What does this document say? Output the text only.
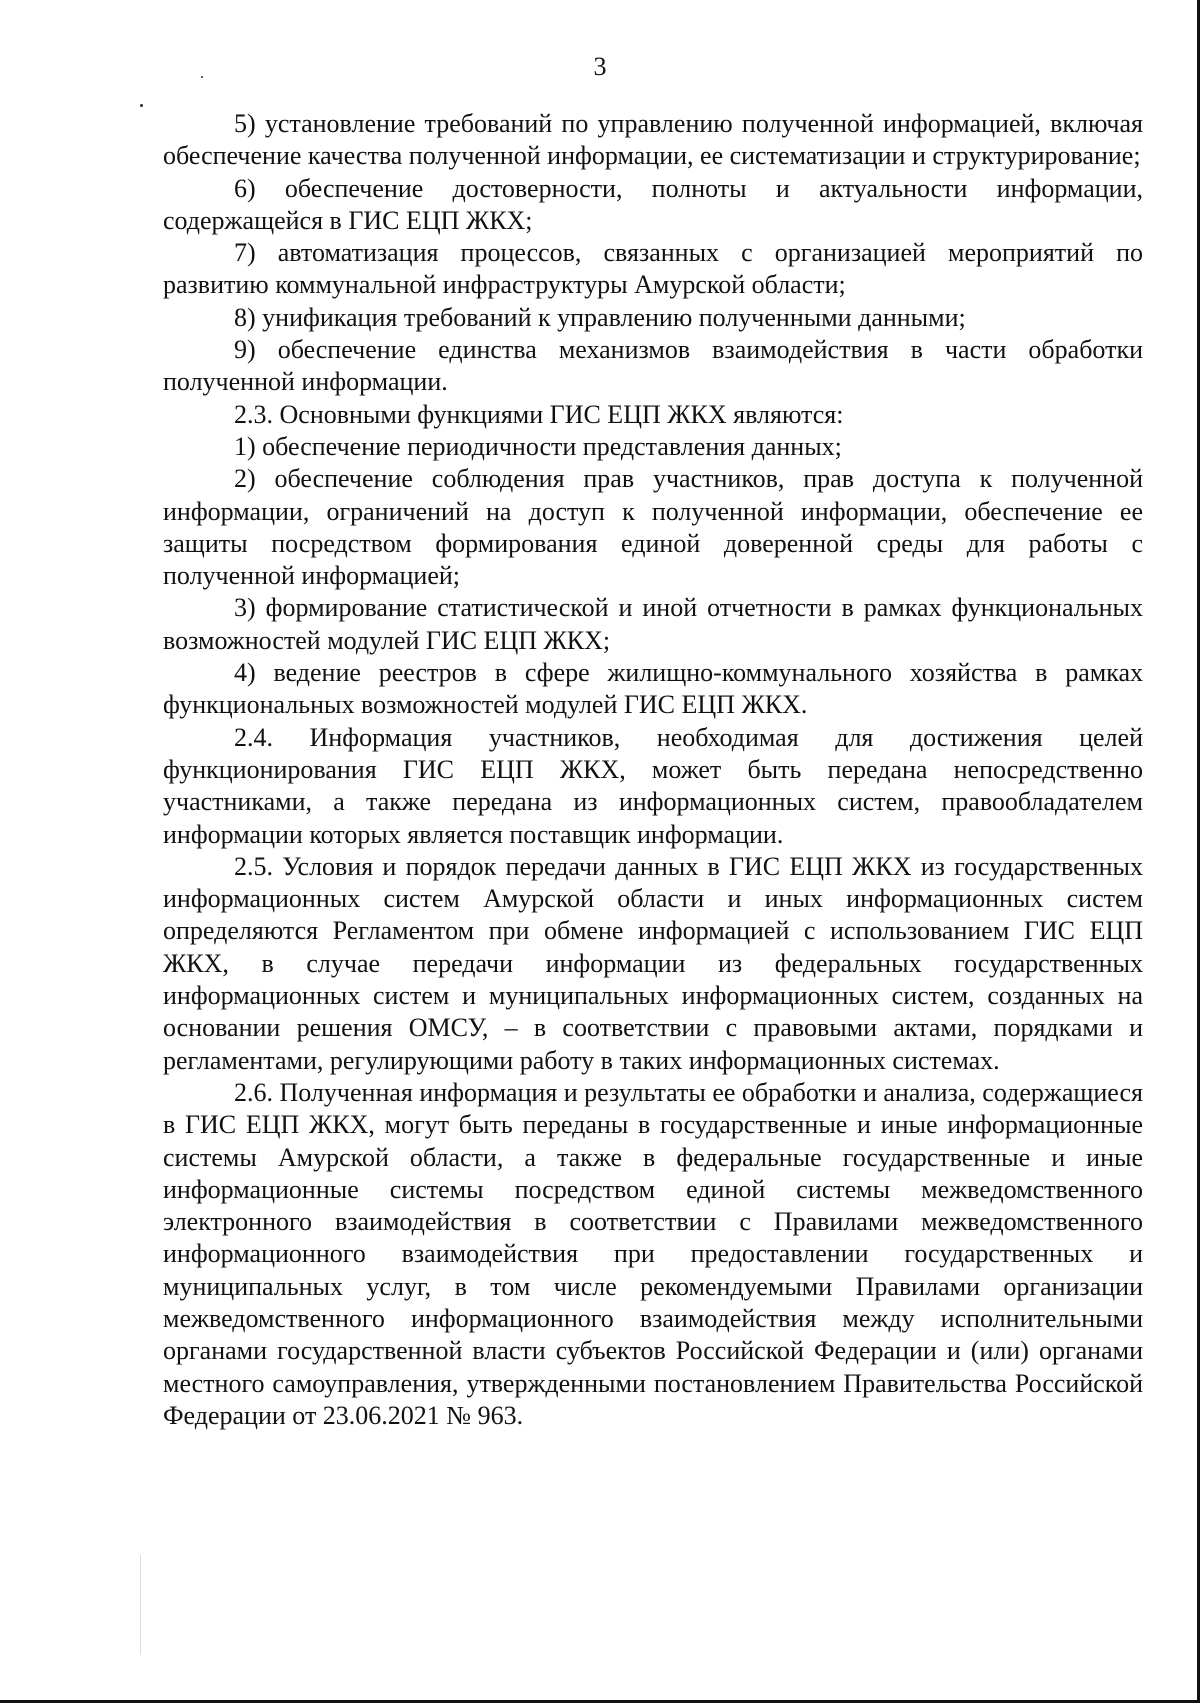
3

5) установление требований по управлению полученной информацией, включая обеспечение качества полученной информации, ее систематизации и структурирование;

6) обеспечение достоверности, полноты и актуальности информации, содержащейся в ГИС ЕЦП ЖКХ;

7) автоматизация процессов, связанных с организацией мероприятий по развитию коммунальной инфраструктуры Амурской области;

8) унификация требований к управлению полученными данными;

9) обеспечение единства механизмов взаимодействия в части обработки полученной информации.

2.3. Основными функциями ГИС ЕЦП ЖКХ являются:

1) обеспечение периодичности представления данных;

2) обеспечение соблюдения прав участников, прав доступа к полученной информации, ограничений на доступ к полученной информации, обеспечение ее защиты посредством формирования единой доверенной среды для работы с полученной информацией;

3) формирование статистической и иной отчетности в рамках функциональных возможностей модулей ГИС ЕЦП ЖКХ;

4) ведение реестров в сфере жилищно-коммунального хозяйства в рамках функциональных возможностей модулей ГИС ЕЦП ЖКХ.

2.4. Информация участников, необходимая для достижения целей функционирования ГИС ЕЦП ЖКХ, может быть передана непосредственно участниками, а также передана из информационных систем, правообладателем информации которых является поставщик информации.

2.5. Условия и порядок передачи данных в ГИС ЕЦП ЖКХ из государственных информационных систем Амурской области и иных информационных систем определяются Регламентом при обмене информацией с использованием ГИС ЕЦП ЖКХ, в случае передачи информации из федеральных государственных информационных систем и муниципальных информационных систем, созданных на основании решения ОМСУ, – в соответствии с правовыми актами, порядками и регламентами, регулирующими работу в таких информационных системах.

2.6. Полученная информация и результаты ее обработки и анализа, содержащиеся в ГИС ЕЦП ЖКХ, могут быть переданы в государственные и иные информационные системы Амурской области, а также в федеральные государственные и иные информационные системы посредством единой системы межведомственного электронного взаимодействия в соответствии с Правилами межведомственного информационного взаимодействия при предоставлении государственных и муниципальных услуг, в том числе рекомендуемыми Правилами организации межведомственного информационного взаимодействия между исполнительными органами государственной власти субъектов Российской Федерации и (или) органами местного самоуправления, утвержденными постановлением Правительства Российской Федерации от 23.06.2021 № 963.
